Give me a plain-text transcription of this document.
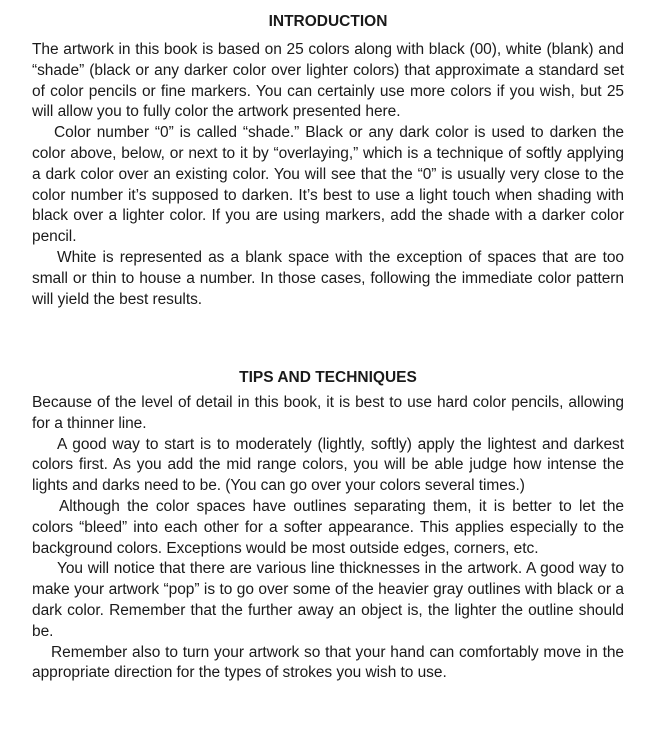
INTRODUCTION

The artwork in this book is based on 25 colors along with black (00), white (blank) and “shade” (black or any darker color over lighter colors) that approximate a standard set of color pencils or fine markers. You can certainly use more colors if you wish, but 25 will allow you to fully color the artwork presented here.

Color number “0” is called “shade.” Black or any dark color is used to darken the color above, below, or next to it by “overlaying,” which is a technique of softly applying a dark color over an existing color. You will see that the “0” is usually very close to the color number it’s supposed to darken. It’s best to use a light touch when shading with black over a lighter color. If you are using markers, add the shade with a darker color pencil.

White is represented as a blank space with the exception of spaces that are too small or thin to house a number. In those cases, following the immediate color pattern will yield the best results.

TIPS AND TECHNIQUES

Because of the level of detail in this book, it is best to use hard color pencils, allowing for a thinner line.

A good way to start is to moderately (lightly, softly) apply the lightest and darkest colors first. As you add the mid range colors, you will be able judge how intense the lights and darks need to be. (You can go over your colors several times.)

Although the color spaces have outlines separating them, it is better to let the colors “bleed” into each other for a softer appearance. This applies especially to the background colors. Exceptions would be most outside edges, corners, etc.

You will notice that there are various line thicknesses in the artwork. A good way to make your artwork “pop” is to go over some of the heavier gray outlines with black or a dark color. Remember that the further away an object is, the lighter the outline should be.

Remember also to turn your artwork so that your hand can comfortably move in the appropriate direction for the types of strokes you wish to use.
